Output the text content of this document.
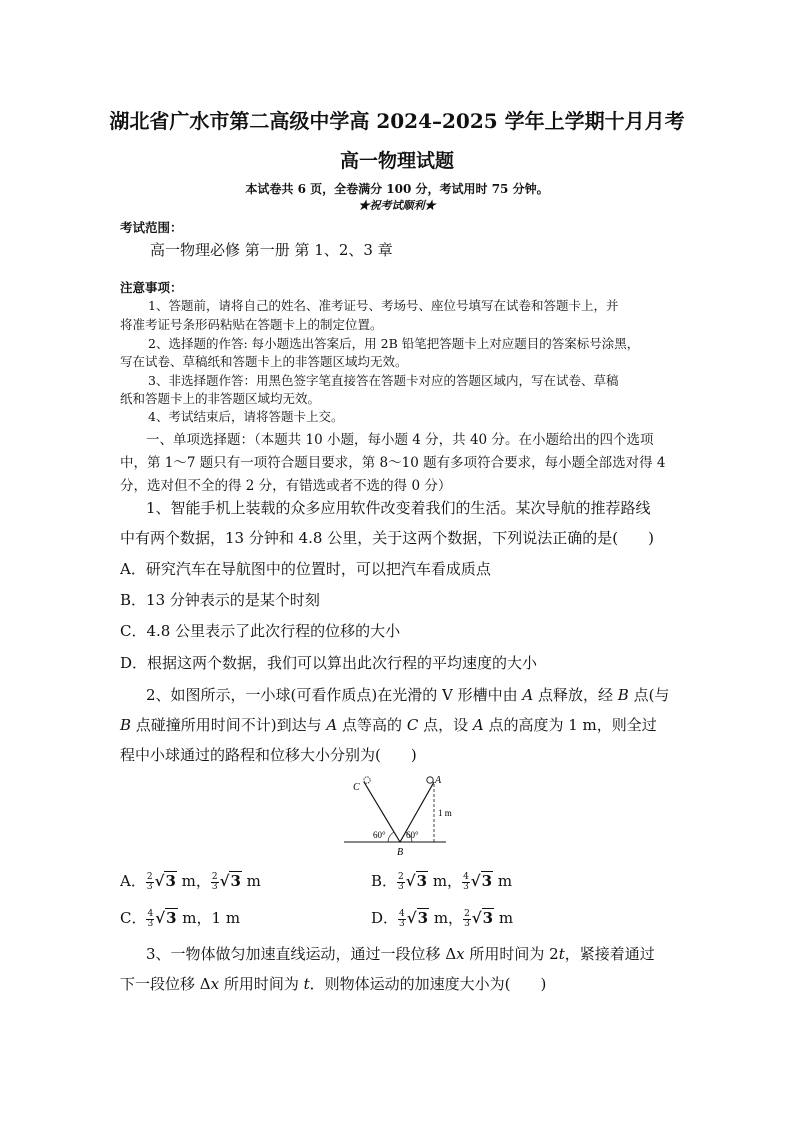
湖北省广水市第二高级中学高 2024–2025 学年上学期十月月考
高一物理试题
本试卷共 6 页，全卷满分 100 分，考试用时 75 分钟。
★祝考试顺利★
考试范围：
高一物理必修 第一册 第 1、2、3 章
注意事项：
1、答题前，请将自己的姓名、准考证号、考场号、座位号填写在试卷和答题卡上，并
将准考证号条形码粘贴在答题卡上的制定位置。
2、选择题的作答: 每小题选出答案后，用 2B 铅笔把答题卡上对应题目的答案标号涂黑，
写在试卷、草稿纸和答题卡上的非答题区域均无效。
3、非选择题作答：用黑色签字笔直接答在答题卡对应的答题区域内，写在试卷、草稿
纸和答题卡上的非答题区域均无效。
4、考试结束后，请将答题卡上交。
一、单项选择题：（本题共 10 小题，每小题 4 分，共 40 分。在小题给出的四个选项
中，第 1～7 题只有一项符合题目要求，第 8～10 题有多项符合要求，每小题全部选对得 4
分，选对但不全的得 2 分，有错选或者不选的得 0 分）
1、智能手机上装载的众多应用软件改变着我们的生活。某次导航的推荐路线
中有两个数据，13 分钟和 4.8 公里，关于这两个数据，下列说法正确的是(　　)
A．研究汽车在导航图中的位置时，可以把汽车看成质点
B．13 分钟表示的是某个时刻
C．4.8 公里表示了此次行程的位移的大小
D．根据这两个数据，我们可以算出此次行程的平均速度的大小
2、如图所示，一小球(可看作质点)在光滑的 V 形槽中由 A 点释放，经 B 点(与
B 点碰撞所用时间不计)到达与 A 点等高的 C 点，设 A 点的高度为 1 m，则全过
程中小球通过的路程和位移大小分别为(　　)
C
A
B
1 m
60° 60°
A． $\frac{2}{3} √3$ m， $\frac{2}{3} √3$ m	B． $\frac{2}{3} √3$ m， $\frac{4}{3} √3$ m
C． $\frac{4}{3} √3$ m，1 m	D． $\frac{4}{3} √3$ m， $\frac{2}{3} √3$ m
3、一物体做匀加速直线运动，通过一段位移 Δx 所用时间为 2t，紧接着通过
下一段位移 Δx 所用时间为 t．则物体运动的加速度大小为(　　)
